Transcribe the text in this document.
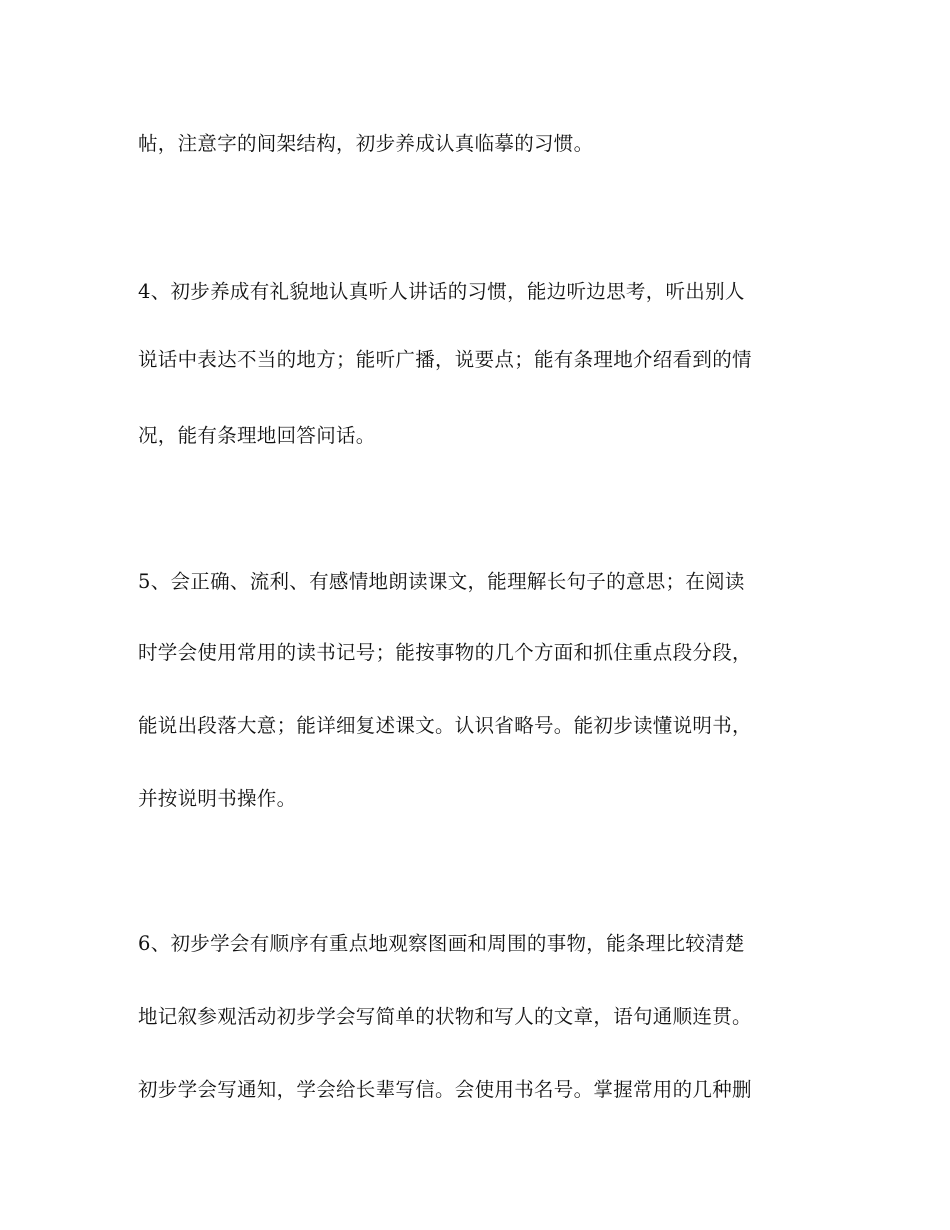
帖，注意字的间架结构，初步养成认真临摹的习惯。
4、初步养成有礼貌地认真听人讲话的习惯，能边听边思考，听出别人
说话中表达不当的地方；能听广播，说要点；能有条理地介绍看到的情
况，能有条理地回答问话。
5、会正确、流利、有感情地朗读课文，能理解长句子的意思；在阅读
时学会使用常用的读书记号；能按事物的几个方面和抓住重点段分段，
能说出段落大意；能详细复述课文。认识省略号。能初步读懂说明书，
并按说明书操作。
6、初步学会有顺序有重点地观察图画和周围的事物，能条理比较清楚
地记叙参观活动初步学会写简单的状物和写人的文章，语句通顺连贯。
初步学会写通知，学会给长辈写信。会使用书名号。掌握常用的几种删
